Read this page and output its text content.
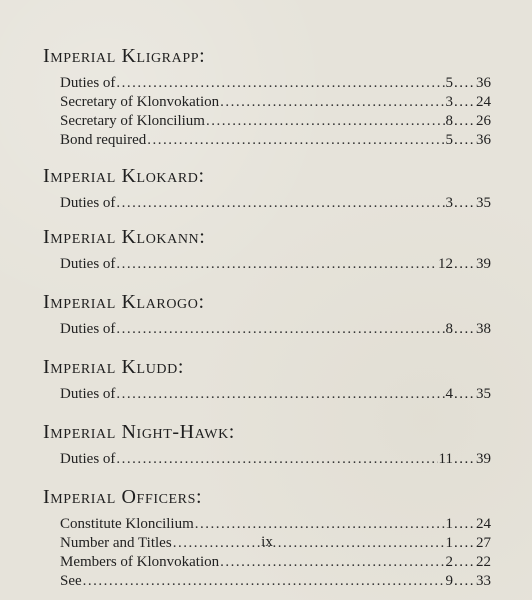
Imperial Kligrapp:
Duties of .....	5 .... 36
Secretary of Klonvokation .....	3 .... 24
Secretary of Kloncilium .....	8 .... 26
Bond required .....	5 .... 36
Imperial Klokard:
Duties of .....	3 .... 35
Imperial Klokann:
Duties of .....	12 .... 39
Imperial Klarogo:
Duties of .....	8 .... 38
Imperial Kludd:
Duties of .....	4 .... 35
Imperial Night-Hawk:
Duties of .....	11 .... 39
Imperial Officers:
Constitute Kloncilium .....	1 .... 24
Number and Titles .....	1 .... 27
Members of Klonvokation .....	2 .... 22
See .....	9 .... 33
ix
